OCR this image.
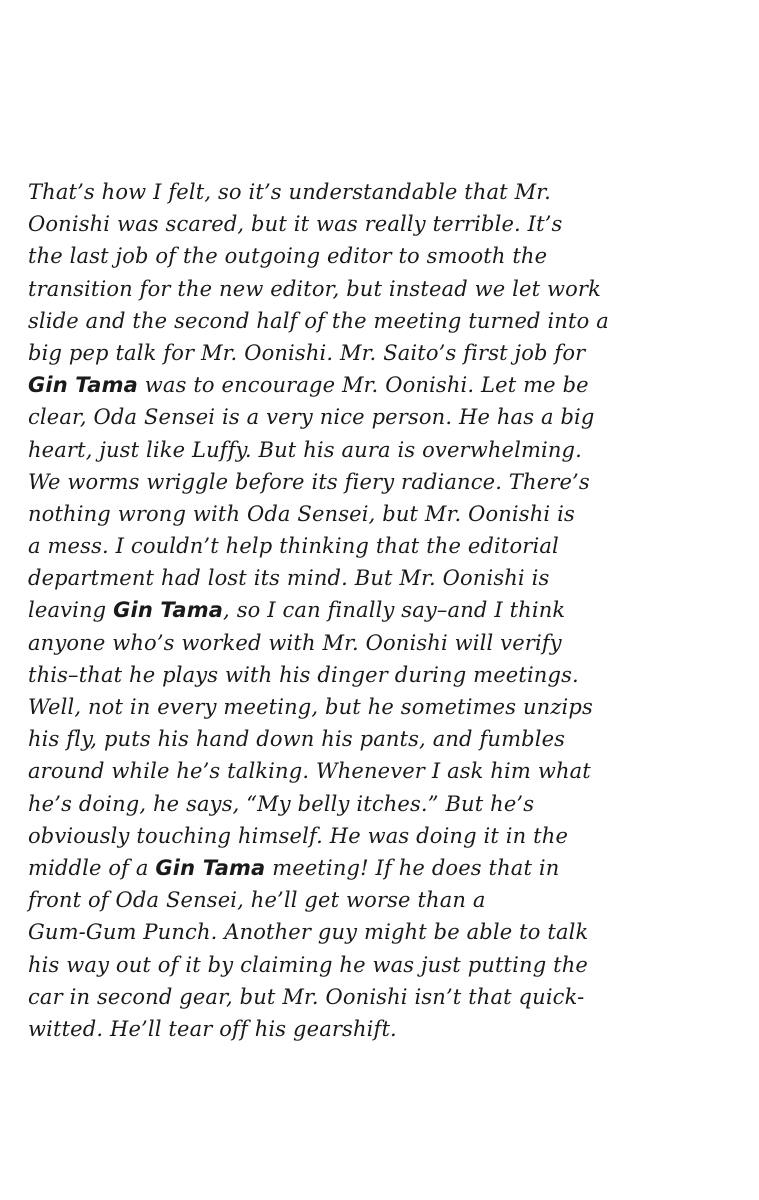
That’s how I felt, so it’s understandable that Mr.
Oonishi was scared, but it was really terrible. It’s
the last job of the outgoing editor to smooth the
transition for the new editor, but instead we let work
slide and the second half of the meeting turned into a
big pep talk for Mr. Oonishi. Mr. Saito’s first job for
Gin Tama was to encourage Mr. Oonishi. Let me be
clear, Oda Sensei is a very nice person. He has a big
heart, just like Luffy. But his aura is overwhelming.
We worms wriggle before its fiery radiance. There’s
nothing wrong with Oda Sensei, but Mr. Oonishi is
a mess. I couldn’t help thinking that the editorial
department had lost its mind. But Mr. Oonishi is
leaving Gin Tama , so I can finally say–and I think
anyone who’s worked with Mr. Oonishi will verify
this–that he plays with his dinger during meetings.
Well, not in every meeting, but he sometimes unzips
his fly, puts his hand down his pants, and fumbles
around while he’s talking. Whenever I ask him what
he’s doing, he says, “My belly itches.” But he’s
obviously touching himself. He was doing it in the
middle of a Gin Tama meeting! If he does that in
front of Oda Sensei, he’ll get worse than a
Gum-Gum Punch. Another guy might be able to talk
his way out of it by claiming he was just putting the
car in second gear, but Mr. Oonishi isn’t that quick-
witted. He’ll tear off his gearshift.
